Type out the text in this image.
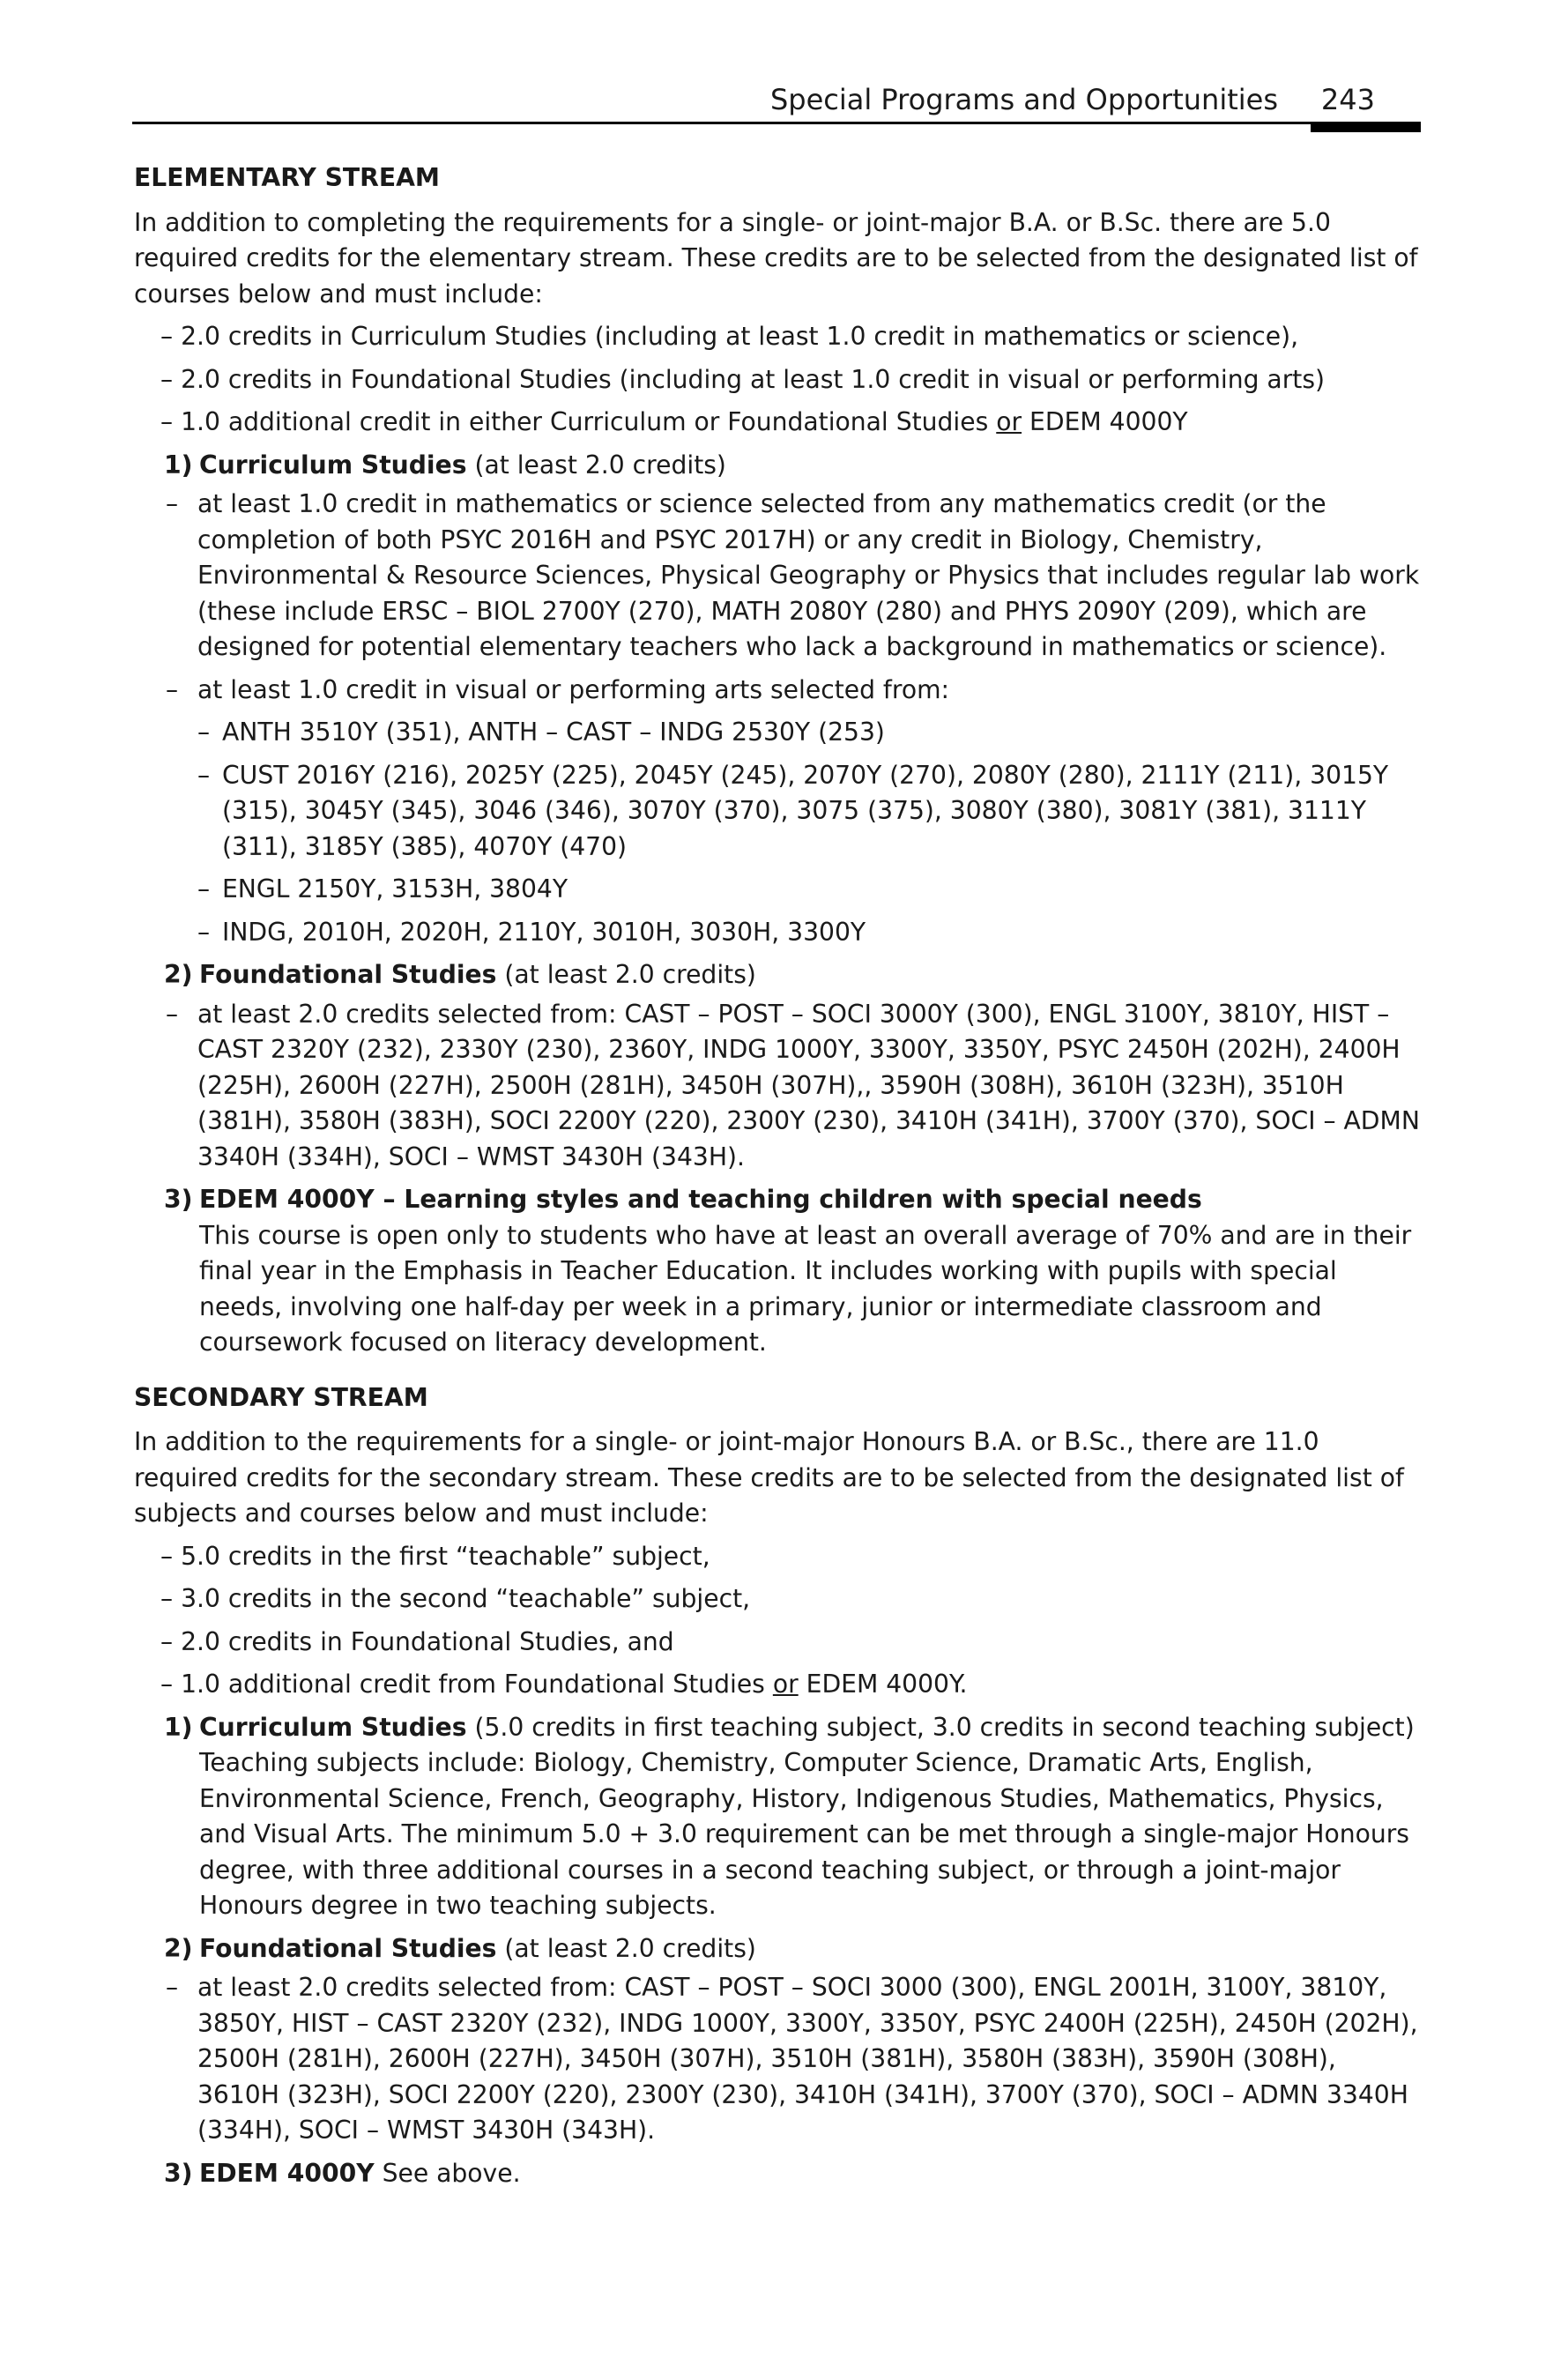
Special Programs and Opportunities 243

ELEMENTARY STREAM

In addition to completing the requirements for a single- or joint-major B.A. or B.Sc. there are 5.0 required credits for the elementary stream. These credits are to be selected from the designated list of courses below and must include:

– 2.0 credits in Curriculum Studies (including at least 1.0 credit in mathematics or science),
– 2.0 credits in Foundational Studies (including at least 1.0 credit in visual or performing arts)
– 1.0 additional credit in either Curriculum or Foundational Studies or EDEM 4000Y
1) Curriculum Studies (at least 2.0 credits)
– at least 1.0 credit in mathematics or science selected from any mathematics credit (or the completion of both PSYC 2016H and PSYC 2017H) or any credit in Biology, Chemistry, Environmental & Resource Sciences, Physical Geography or Physics that includes regular lab work (these include ERSC – BIOL 2700Y (270), MATH 2080Y (280) and PHYS 2090Y (209), which are designed for potential elementary teachers who lack a background in mathematics or science).
– at least 1.0 credit in visual or performing arts selected from:
– ANTH 3510Y (351), ANTH – CAST – INDG 2530Y (253)
– CUST 2016Y (216), 2025Y (225), 2045Y (245), 2070Y (270), 2080Y (280), 2111Y (211), 3015Y (315), 3045Y (345), 3046 (346), 3070Y (370), 3075 (375), 3080Y (380), 3081Y (381), 3111Y (311), 3185Y (385), 4070Y (470)
– ENGL 2150Y, 3153H, 3804Y
– INDG, 2010H, 2020H, 2110Y, 3010H, 3030H, 3300Y
2) Foundational Studies (at least 2.0 credits)
– at least 2.0 credits selected from: CAST – POST – SOCI 3000Y (300), ENGL 3100Y, 3810Y, HIST – CAST 2320Y (232), 2330Y (230), 2360Y, INDG 1000Y, 3300Y, 3350Y, PSYC 2450H (202H), 2400H (225H), 2600H (227H), 2500H (281H), 3450H (307H),, 3590H (308H), 3610H (323H), 3510H (381H), 3580H (383H), SOCI 2200Y (220), 2300Y (230), 3410H (341H), 3700Y (370), SOCI – ADMN 3340H (334H), SOCI – WMST 3430H (343H).
3) EDEM 4000Y – Learning styles and teaching children with special needs
This course is open only to students who have at least an overall average of 70% and are in their final year in the Emphasis in Teacher Education. It includes working with pupils with special needs, involving one half-day per week in a primary, junior or intermediate classroom and coursework focused on literacy development.

SECONDARY STREAM

In addition to the requirements for a single- or joint-major Honours B.A. or B.Sc., there are 11.0 required credits for the secondary stream. These credits are to be selected from the designated list of subjects and courses below and must include:

– 5.0 credits in the first “teachable” subject,
– 3.0 credits in the second “teachable” subject,
– 2.0 credits in Foundational Studies, and
– 1.0 additional credit from Foundational Studies or EDEM 4000Y.
1) Curriculum Studies (5.0 credits in first teaching subject, 3.0 credits in second teaching subject)
Teaching subjects include: Biology, Chemistry, Computer Science, Dramatic Arts, English, Environmental Science, French, Geography, History, Indigenous Studies, Mathematics, Physics, and Visual Arts. The minimum 5.0 + 3.0 requirement can be met through a single-major Honours degree, with three additional courses in a second teaching subject, or through a joint-major Honours degree in two teaching subjects.
2) Foundational Studies (at least 2.0 credits)
– at least 2.0 credits selected from: CAST – POST – SOCI 3000 (300), ENGL 2001H, 3100Y, 3810Y, 3850Y, HIST – CAST 2320Y (232), INDG 1000Y, 3300Y, 3350Y, PSYC 2400H (225H), 2450H (202H), 2500H (281H), 2600H (227H), 3450H (307H), 3510H (381H), 3580H (383H), 3590H (308H), 3610H (323H), SOCI 2200Y (220), 2300Y (230), 3410H (341H), 3700Y (370), SOCI – ADMN 3340H (334H), SOCI – WMST 3430H (343H).
3) EDEM 4000Y See above.
